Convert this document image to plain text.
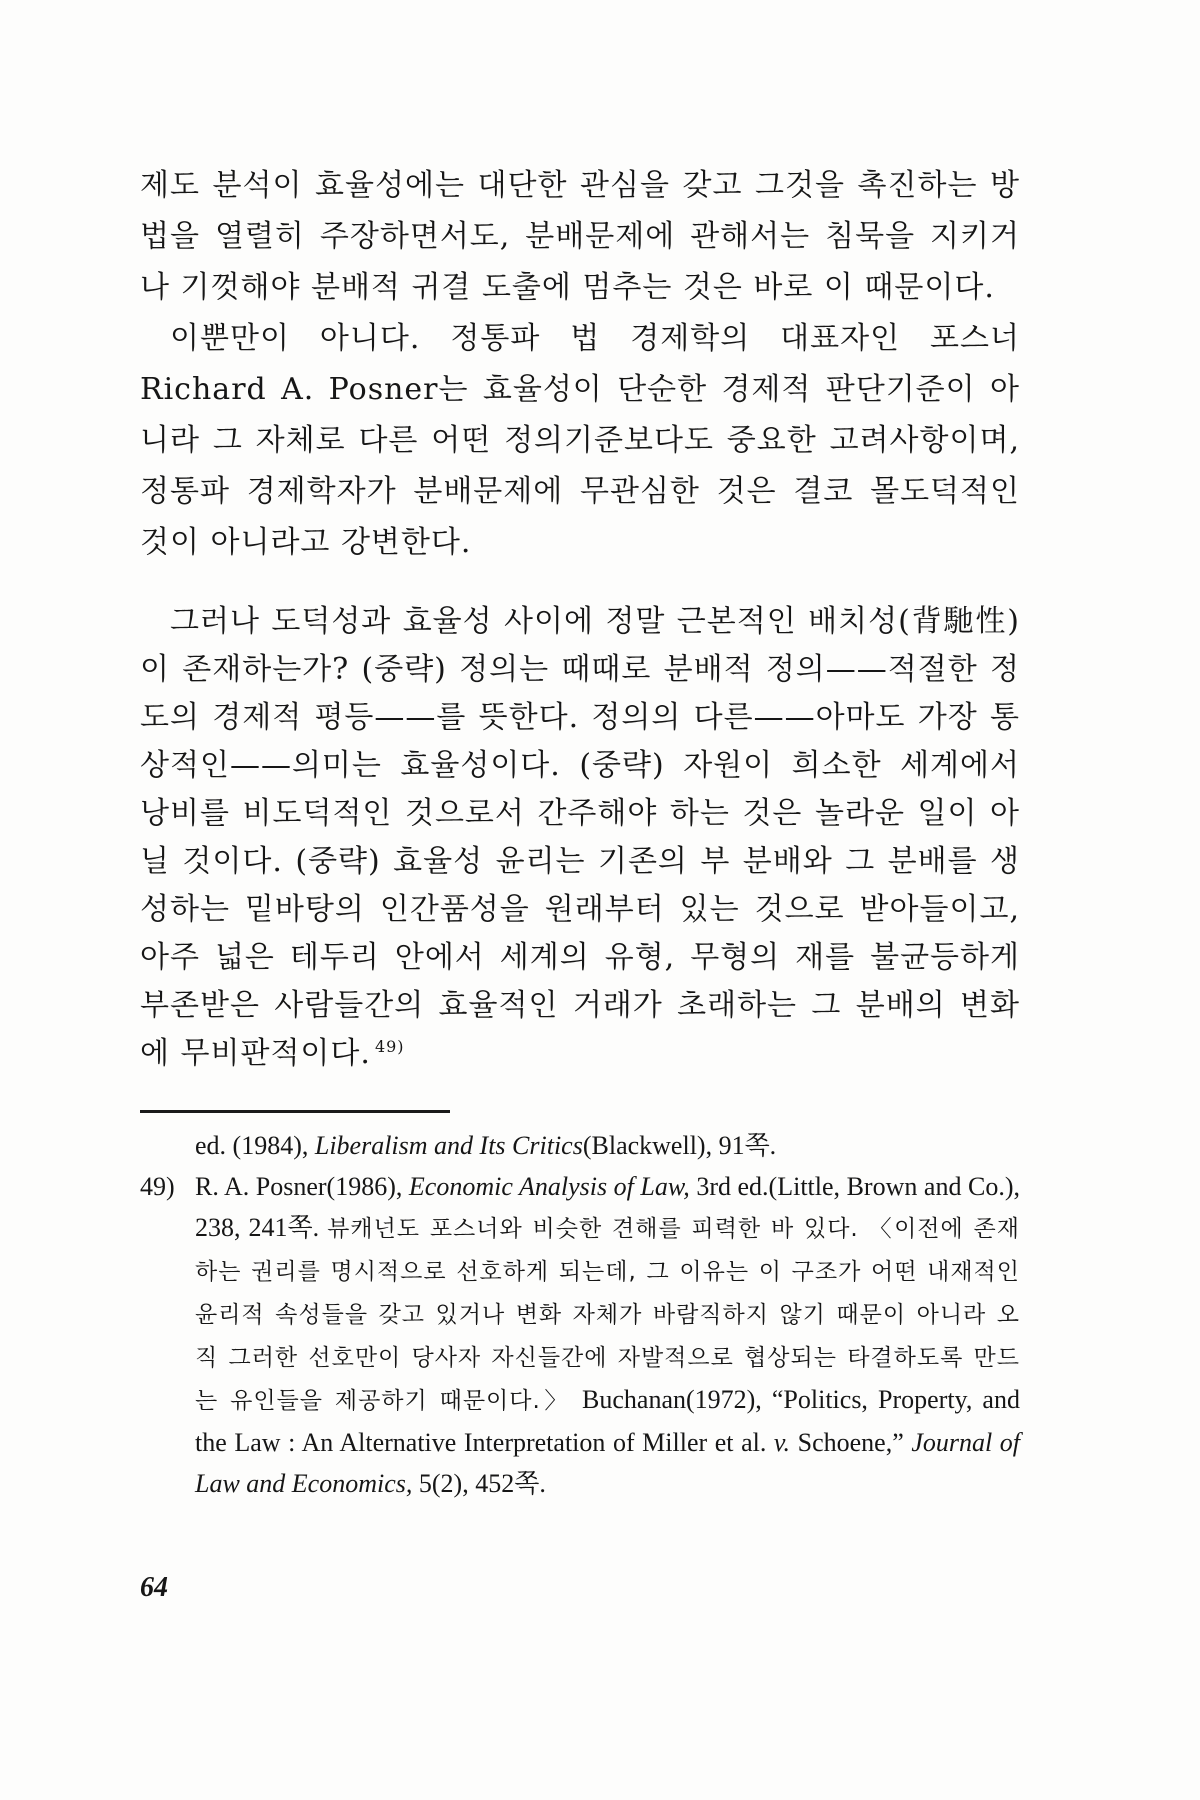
제도 분석이 효율성에는 대단한 관심을 갖고 그것을 촉진하는 방법을 열렬히 주장하면서도, 분배문제에 관해서는 침묵을 지키거나 기껏해야 분배적 귀결 도출에 멈추는 것은 바로 이 때문이다.

이뿐만이 아니다. 정통파 법 경제학의 대표자인 포스너 Richard A. Posner는 효율성이 단순한 경제적 판단기준이 아니라 그 자체로 다른 어떤 정의기준보다도 중요한 고려사항이며, 정통파 경제학자가 분배문제에 무관심한 것은 결코 몰도덕적인 것이 아니라고 강변한다.

그러나 도덕성과 효율성 사이에 정말 근본적인 배치성(背馳性)이 존재하는가? (중략) 정의는 때때로 분배적 정의——적절한 정도의 경제적 평등——를 뜻한다. 정의의 다른——아마도 가장 통상적인——의미는 효율성이다. (중략) 자원이 희소한 세계에서 낭비를 비도덕적인 것으로서 간주해야 하는 것은 놀라운 일이 아닐 것이다. (중략) 효율성 윤리는 기존의 부 분배와 그 분배를 생성하는 밑바탕의 인간품성을 원래부터 있는 것으로 받아들이고, 아주 넓은 테두리 안에서 세계의 유형, 무형의 재를 불균등하게 부존받은 사람들간의 효율적인 거래가 초래하는 그 분배의 변화에 무비판적이다. $^{49)}$

ed. (1984), Liberalism and Its Critics(Blackwell), 91쪽.

49) R. A. Posner(1986), Economic Analysis of Law, 3rd ed.(Little, Brown and Co.), 238, 241쪽. 뷰캐넌도 포스너와 비슷한 견해를 피력한 바 있다. 〈이전에 존재하는 권리를 명시적으로 선호하게 되는데, 그 이유는 이 구조가 어떤 내재적인 윤리적 속성들을 갖고 있거나 변화 자체가 바람직하지 않기 때문이 아니라 오직 그러한 선호만이 당사자 자신들간에 자발적으로 협상되는 타결하도록 만드는 유인들을 제공하기 때문이다.〉 Buchanan(1972), “Politics, Property, and the Law : An Alternative Interpretation of Miller et al. v. Schoene,” Journal of Law and Economics, 5(2), 452쪽.

64
